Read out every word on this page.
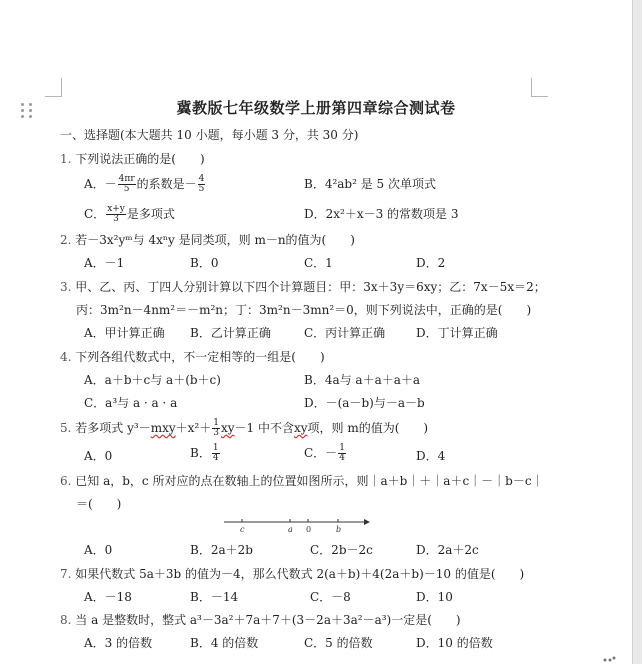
冀教版七年级数学上册第四章综合测试卷
一、选择题(本大题共 10 小题，每小题 3 分，共 30 分)
1. 下列说法正确的是(　　)
A．－ $\frac{4\pi r}{5}$ 的系数是－ $\frac{4}{5}$	B．4²ab² 是 5 次单项式
C． $\frac{x+y}{3}$ 是多项式	D．2x²＋x－3 的常数项是 3
2. 若－3x²yᵐ与 4xⁿy 是同类项，则 m－n的值为(　　)
A．－1	B．0	C．1	D．2
3. 甲、乙、丙、丁四人分别计算以下四个计算题目：甲：3x＋3y＝6xy；乙：7x－5x＝2；
丙：3m²n－4nm²＝－m²n；丁：3m²n－3mn²＝0，则下列说法中，正确的是(　　)
A．甲计算正确 B．乙计算正确	C．丙计算正确	D．丁计算正确
4. 下列各组代数式中，不一定相等的一组是(　　)
A．a＋b＋c与 a＋(b＋c)	B．4a与 a＋a＋a＋a
C．a³与 a · a · a	D．－(a－b)与－a－b
5. 若多项式 $y^3-mxy+x^2+ \frac{1}{3} xy-1$ 中不含xy项，则 m的值为(　　)
A．0	B． $\frac{1}{4}$	C．－ $\frac{1}{4}$	D．4
6. 已知 a，b，c 所对应的点在数轴上的位置如图所示，则｜a＋b｜＋｜a＋c｜－｜b－c｜
＝(　　)
c	a 0	b
A．0	B．2a＋2b	C．2b－2c	D．2a＋2c
7. 如果代数式 5a＋3b 的值为－4，那么代数式 2(a＋b)＋4(2a＋b)－10 的值是(　　)
A．－18	B．－14	C．－8	D．10
8. 当 a 是整数时，整式 a³－3a²＋7a＋7＋(3－2a＋3a²－a³)一定是(　　)
A．3 的倍数	B．4 的倍数	C．5 的倍数	D．10 的倍数
